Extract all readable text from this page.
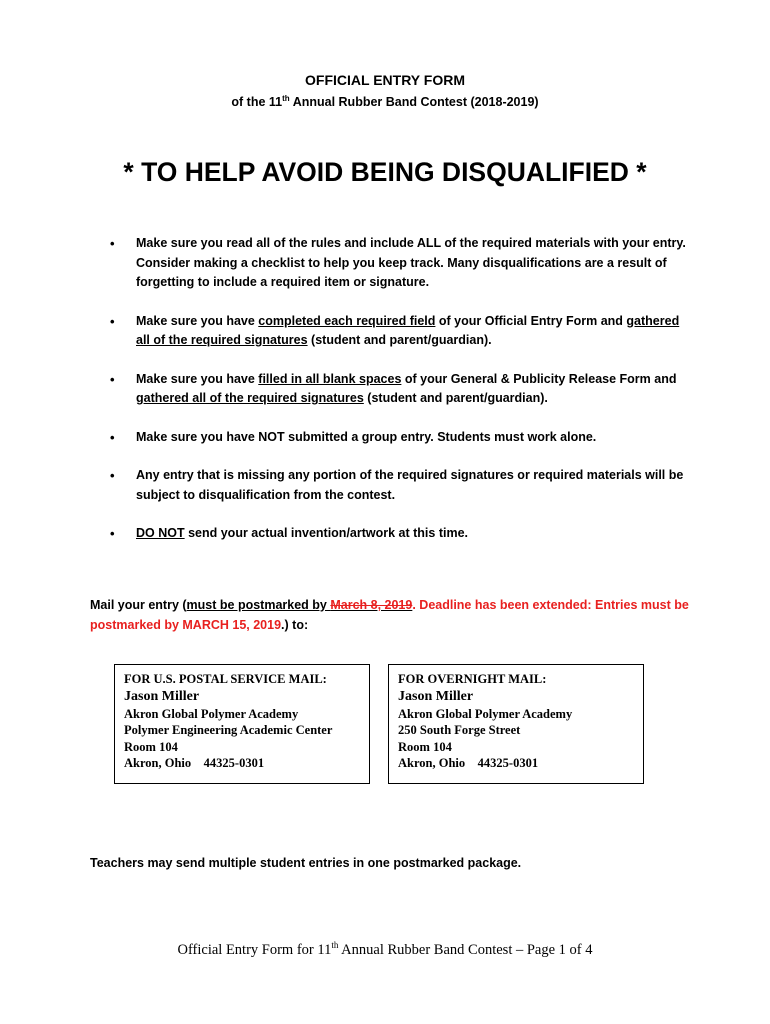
OFFICIAL ENTRY FORM
of the 11th Annual Rubber Band Contest (2018-2019)
* TO HELP AVOID BEING DISQUALIFIED *
• Make sure you read all of the rules and include ALL of the required materials with your entry. Consider making a checklist to help you keep track. Many disqualifications are a result of forgetting to include a required item or signature.
• Make sure you have completed each required field of your Official Entry Form and gathered all of the required signatures (student and parent/guardian).
• Make sure you have filled in all blank spaces of your General & Publicity Release Form and gathered all of the required signatures (student and parent/guardian).
• Make sure you have NOT submitted a group entry. Students must work alone.
• Any entry that is missing any portion of the required signatures or required materials will be subject to disqualification from the contest.
• DO NOT send your actual invention/artwork at this time.
Mail your entry (must be postmarked by March 8, 2019. Deadline has been extended: Entries must be postmarked by MARCH 15, 2019.) to:
FOR U.S. POSTAL SERVICE MAIL:
Jason Miller
Akron Global Polymer Academy
Polymer Engineering Academic Center
Room 104
Akron, Ohio    44325-0301
FOR OVERNIGHT MAIL:
Jason Miller
Akron Global Polymer Academy
250 South Forge Street
Room 104
Akron, Ohio    44325-0301
Teachers may send multiple student entries in one postmarked package.
Official Entry Form for 11th Annual Rubber Band Contest – Page 1 of 4
